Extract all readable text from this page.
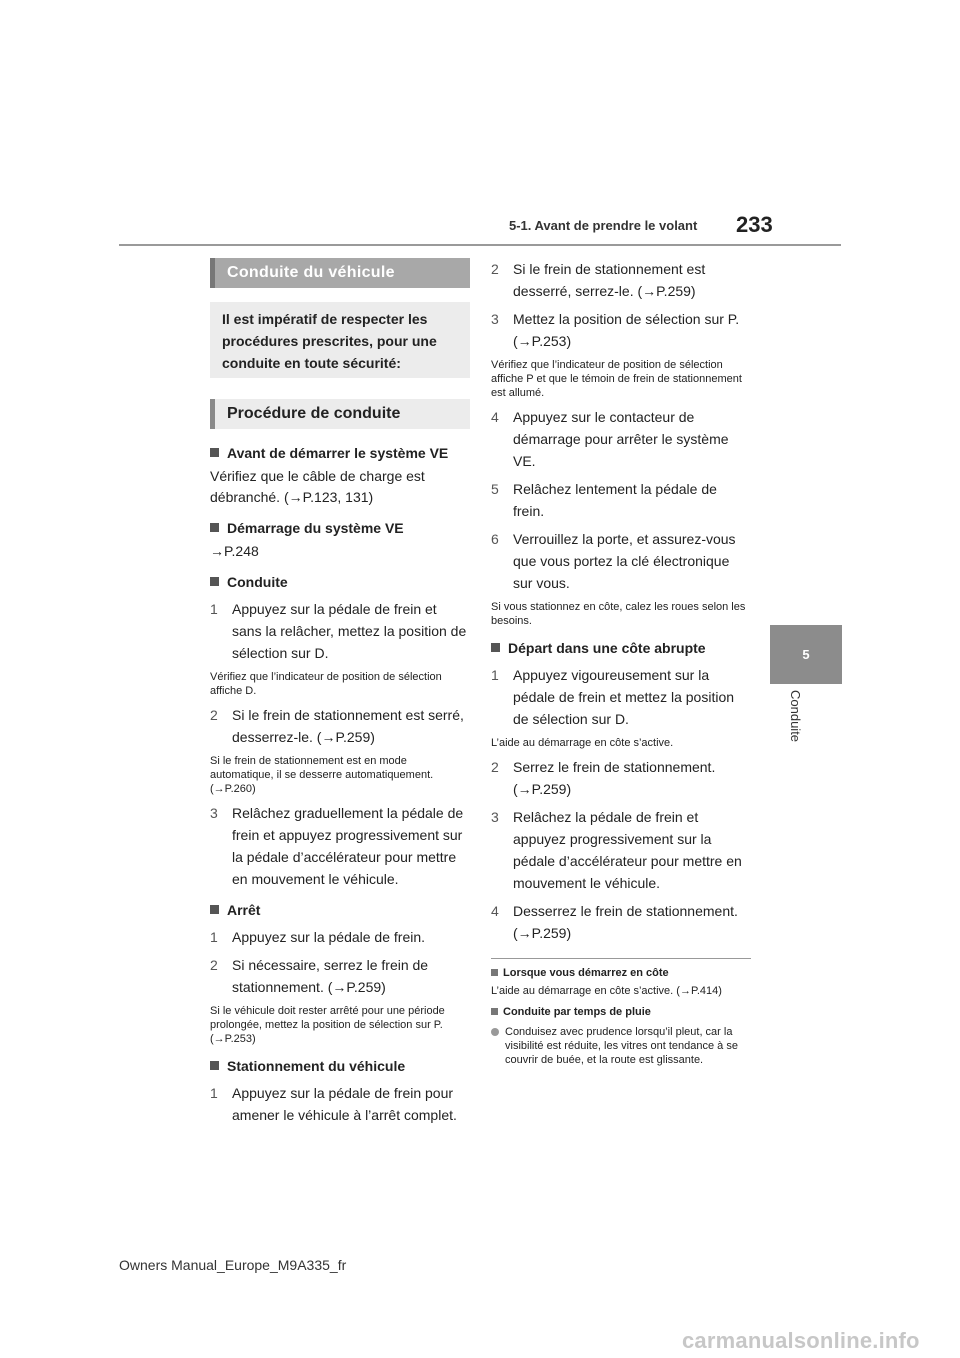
5-1. Avant de prendre le volant 233
5
Conduite
Conduite du véhicule
Il est impératif de respecter les procédures prescrites, pour une conduite en toute sécurité:
Procédure de conduite
Avant de démarrer le système VE
Vérifiez que le câble de charge est débranché. (→P.123, 131)
Démarrage du système VE
→P.248
Conduite
1	Appuyez sur la pédale de frein et sans la relâcher, mettez la position de sélection sur D.
Vérifiez que l’indicateur de position de sélection affiche D.
2	Si le frein de stationnement est serré, desserrez-le. (→P.259)
Si le frein de stationnement est en mode automatique, il se desserre automatiquement. (→P.260)
3	Relâchez graduellement la pédale de frein et appuyez progressivement sur la pédale d’accélérateur pour mettre en mouvement le véhicule.
Arrêt
1	Appuyez sur la pédale de frein.
2	Si nécessaire, serrez le frein de stationnement. (→P.259)
Si le véhicule doit rester arrêté pour une période prolongée, mettez la position de sélection sur P. (→P.253)
Stationnement du véhicule
1	Appuyez sur la pédale de frein pour amener le véhicule à l’arrêt complet.
2	Si le frein de stationnement est desserré, serrez-le. (→P.259)
3	Mettez la position de sélection sur P. (→P.253)
Vérifiez que l’indicateur de position de sélection affiche P et que le témoin de frein de stationnement est allumé.
4	Appuyez sur le contacteur de démarrage pour arrêter le système VE.
5	Relâchez lentement la pédale de frein.
6	Verrouillez la porte, et assurez-vous que vous portez la clé électronique sur vous.
Si vous stationnez en côte, calez les roues selon les besoins.
Départ dans une côte abrupte
1	Appuyez vigoureusement sur la pédale de frein et mettez la position de sélection sur D.
L’aide au démarrage en côte s’active.
2	Serrez le frein de stationnement. (→P.259)
3	Relâchez la pédale de frein et appuyez progressivement sur la pédale d’accélérateur pour mettre en mouvement le véhicule.
4	Desserrez le frein de stationnement. (→P.259)
Lorsque vous démarrez en côte
L’aide au démarrage en côte s’active. (→P.414)
Conduite par temps de pluie
Conduisez avec prudence lorsqu’il pleut, car la visibilité est réduite, les vitres ont tendance à se couvrir de buée, et la route est glissante.
Owners Manual_Europe_M9A335_fr
carmanualsonline.info
